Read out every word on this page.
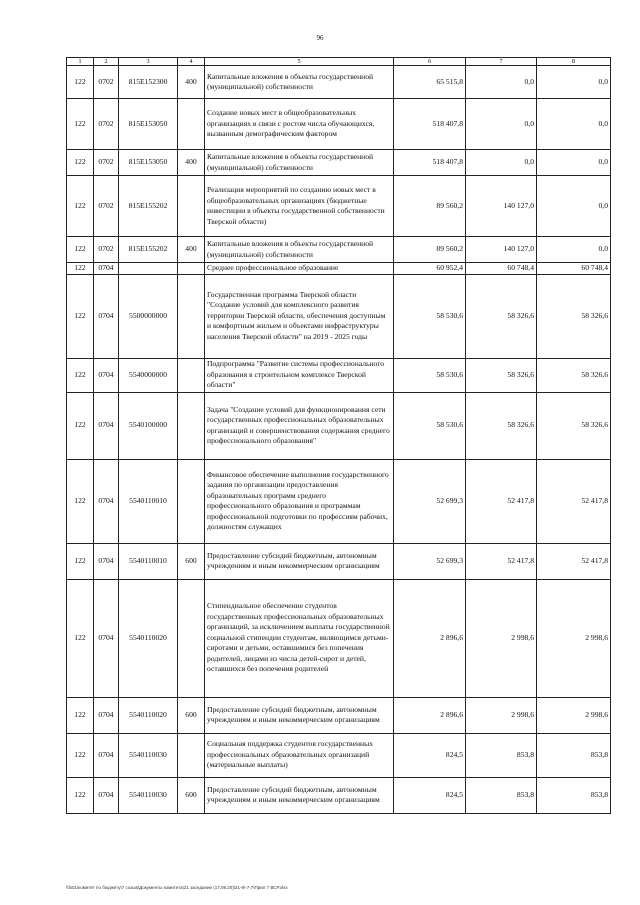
96
1	2	3	4	5	6	7	8
122	0702	815E152300	400	Капитальные вложения в объекты государственной (муниципальной) собственности	65 515,8	0,0	0,0
122	0702	815E153050		Создание новых мест в общеобразовательных организациях в связи с ростом числа обучающихся, вызванным демографическим фактором	518 407,8	0,0	0,0
122	0702	815E153050	400	Капитальные вложения в объекты государственной (муниципальной) собственности	518 407,8	0,0	0,0
122	0702	815E155202		Реализация мероприятий по созданию новых мест в общеобразовательных организациях (бюджетные инвестиции в объекты государственной собственности Тверской области)	89 560,2	140 127,0	0,0
122	0702	815E155202	400	Капитальные вложения в объекты государственной (муниципальной) собственности	89 560,2	140 127,0	0,0
122	0704			Среднее профессиональное образование	60 952,4	60 748,4	60 748,4
122	0704	5500000000		Государственная программа Тверской области "Создание условий для комплексного развития территории Тверской области, обеспечения доступным и комфортным жильем и объектами инфраструктуры населения Тверской области" на 2019 - 2025 годы	58 530,6	58 326,6	58 326,6
122	0704	5540000000		Подпрограмма "Развитие системы профессионального образования в строительном комплексе Тверской области"	58 530,6	58 326,6	58 326,6
122	0704	5540100000		Задача "Создание условий для функционирования сети государственных профессиональных образовательных организаций и совершенствования содержания среднего профессионального образования"	58 530,6	58 326,6	58 326,6
122	0704	5540110010		Финансовое обеспечение выполнения государственного задания по организации предоставления образовательных программ среднего профессионального образования и программам профессиональной подготовки по профессиям рабочих, должностям служащих	52 699,3	52 417,8	52 417,8
122	0704	5540110010	600	Предоставление субсидий бюджетным, автономным учреждениям и иным некоммерческим организациям	52 699,3	52 417,8	52 417,8
122	0704	5540110020		Стипендиальное обеспечение студентов государственных профессиональных образовательных организаций, за исключением выплаты государственной социальной стипендии студентам, являющимся детьми-сиротами и детьми, оставшимися без попечения родителей, лицами из числа детей-сирот и детей, оставшихся без попечения родителей	2 896,6	2 998,6	2 998,6
122	0704	5540110020	600	Предоставление субсидий бюджетным, автономным учреждениям и иным некоммерческим организациям	2 896,6	2 998,6	2 998,6
122	0704	5540110030		Социальная поддержка студентов государственных профессиональных образовательных организаций (материальные выплаты)	824,5	853,8	853,8
122	0704	5540110030	600	Предоставление субсидий бюджетным, автономным учреждениям и иным некоммерческим организациям	824,5	853,8	853,8
\\fs01\комитет по бюджету\7 созыв\Документы комитета\21 заседание (17.09.20)\21-9\-7-7\Прил 7 ВСР.xlsx
